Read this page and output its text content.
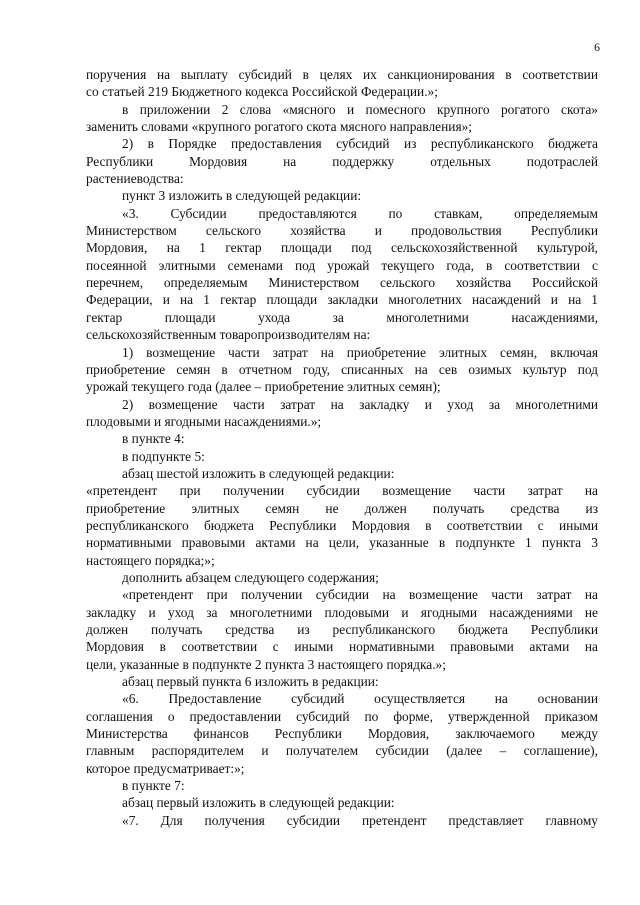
6
поручения на выплату субсидий в целях их санкционирования в соответствии
со статьей 219 Бюджетного кодекса Российской Федерации.»;
в приложении 2 слова «мясного и помесного крупного рогатого скота»
заменить словами «крупного рогатого скота мясного направления»;
2) в Порядке предоставления субсидий из республиканского бюджета
Республики Мордовия на поддержку отдельных подотраслей
растениеводства:
пункт 3 изложить в следующей редакции:
«3. Субсидии предоставляются по ставкам, определяемым
Министерством сельского хозяйства и продовольствия Республики
Мордовия, на 1 гектар площади под сельскохозяйственной культурой,
посеянной элитными семенами под урожай текущего года, в соответствии с
перечнем, определяемым Министерством сельского хозяйства Российской
Федерации, и на 1 гектар площади закладки многолетних насаждений и на 1
гектар площади ухода за многолетними насаждениями,
сельскохозяйственным товаропроизводителям на:
1) возмещение части затрат на приобретение элитных семян, включая
приобретение семян в отчетном году, списанных на сев озимых культур под
урожай текущего года (далее – приобретение элитных семян);
2) возмещение части затрат на закладку и уход за многолетними
плодовыми и ягодными насаждениями.»;
в пункте 4:
в подпункте 5:
абзац шестой изложить в следующей редакции:
«претендент при получении субсидии возмещение части затрат на
приобретение элитных семян не должен получать средства из
республиканского бюджета Республики Мордовия в соответствии с иными
нормативными правовыми актами на цели, указанные в подпункте 1 пункта 3
настоящего порядка;»;
дополнить абзацем следующего содержания;
«претендент при получении субсидии на возмещение части затрат на
закладку и уход за многолетними плодовыми и ягодными насаждениями не
должен получать средства из республиканского бюджета Республики
Мордовия в соответствии с иными нормативными правовыми актами на
цели, указанные в подпункте 2 пункта 3 настоящего порядка.»;
абзац первый пункта 6 изложить в редакции:
«6. Предоставление субсидий осуществляется на основании
соглашения о предоставлении субсидий по форме, утвержденной приказом
Министерства финансов Республики Мордовия, заключаемого между
главным распорядителем и получателем субсидии (далее – соглашение),
которое предусматривает:»;
в пункте 7:
абзац первый изложить в следующей редакции:
«7. Для получения субсидии претендент представляет главному
